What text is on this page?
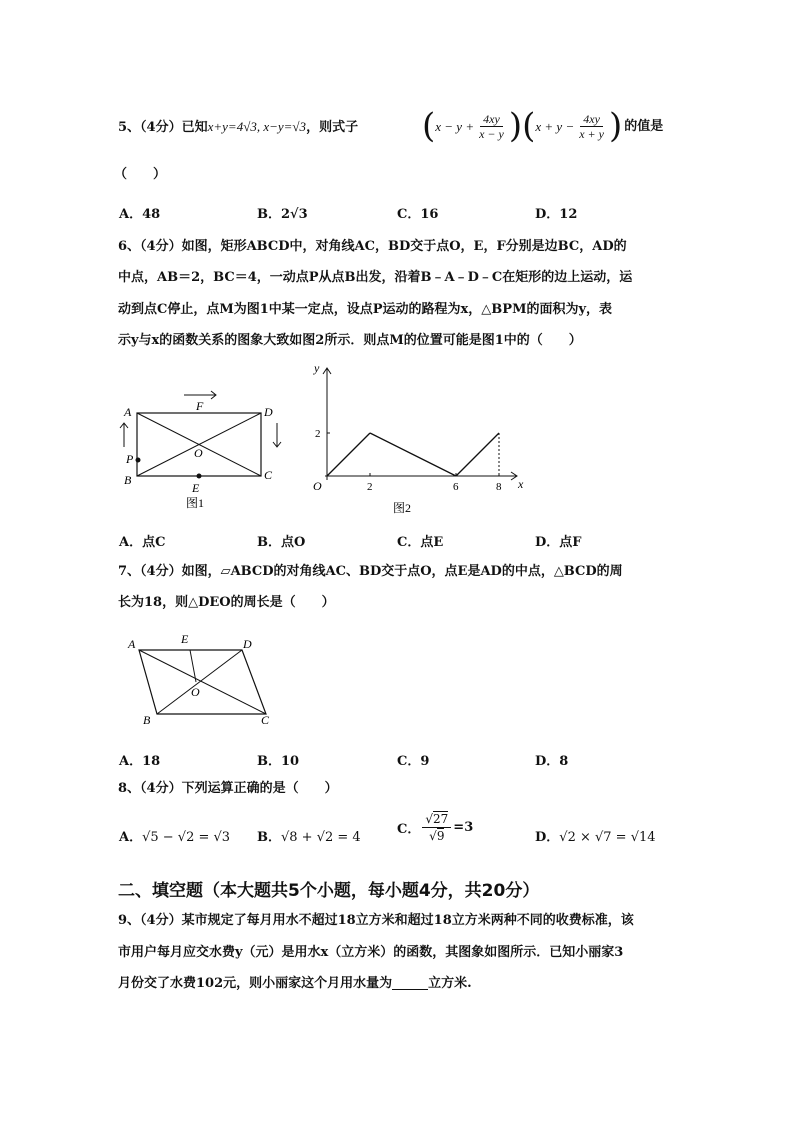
5、（4分）已知x+y=4√3, x−y=√3，则式子 ( $x - y + \frac{4xy}{x - y}$ ) ( $x + y - \frac{4xy}{x + y}$ ) 的值是
（　　）
A．48	B．2√3	C．16	D．12
6、（4分）如图，矩形ABCD中，对角线AC，BD交于点O，E，F分别是边BC，AD的
中点，AB＝2，BC＝4，一动点P从点B出发，沿着B﹣A﹣D﹣C在矩形的边上运动，运
动到点C停止，点M为图1中某一定点，设点P运动的路程为x，△BPM的面积为y，表
示y与x的函数关系的图象大致如图2所示．则点M的位置可能是图1中的（　　）
A	D
B	C
F
O
E
P
图1
y
x
O	2	6	8
2
图2
A．点C	B．点O	C．点E	D．点F
7、（4分）如图，▱ABCD的对角线AC、BD交于点O，点E是AD的中点，△BCD的周
长为18，则△DEO的周长是（　　）
A	E	D
O
B	C
A．18	B．10	C．9	D．8
8、（4分）下列运算正确的是（　　）
A．√5 − √2 = √3 B．√8 + √2 = 4
C． $\frac{√27}{√9} =3$
D．√2 × √7 = √14
二、填空题（本大题共5个小题，每小题4分，共20分）
9、（4分）某市规定了每月用水不超过18立方米和超过18立方米两种不同的收费标准，该
市用户每月应交水费y（元）是用水x（立方米）的函数，其图象如图所示．已知小丽家3
月份交了水费102元，则小丽家这个月用水量为	立方米.
